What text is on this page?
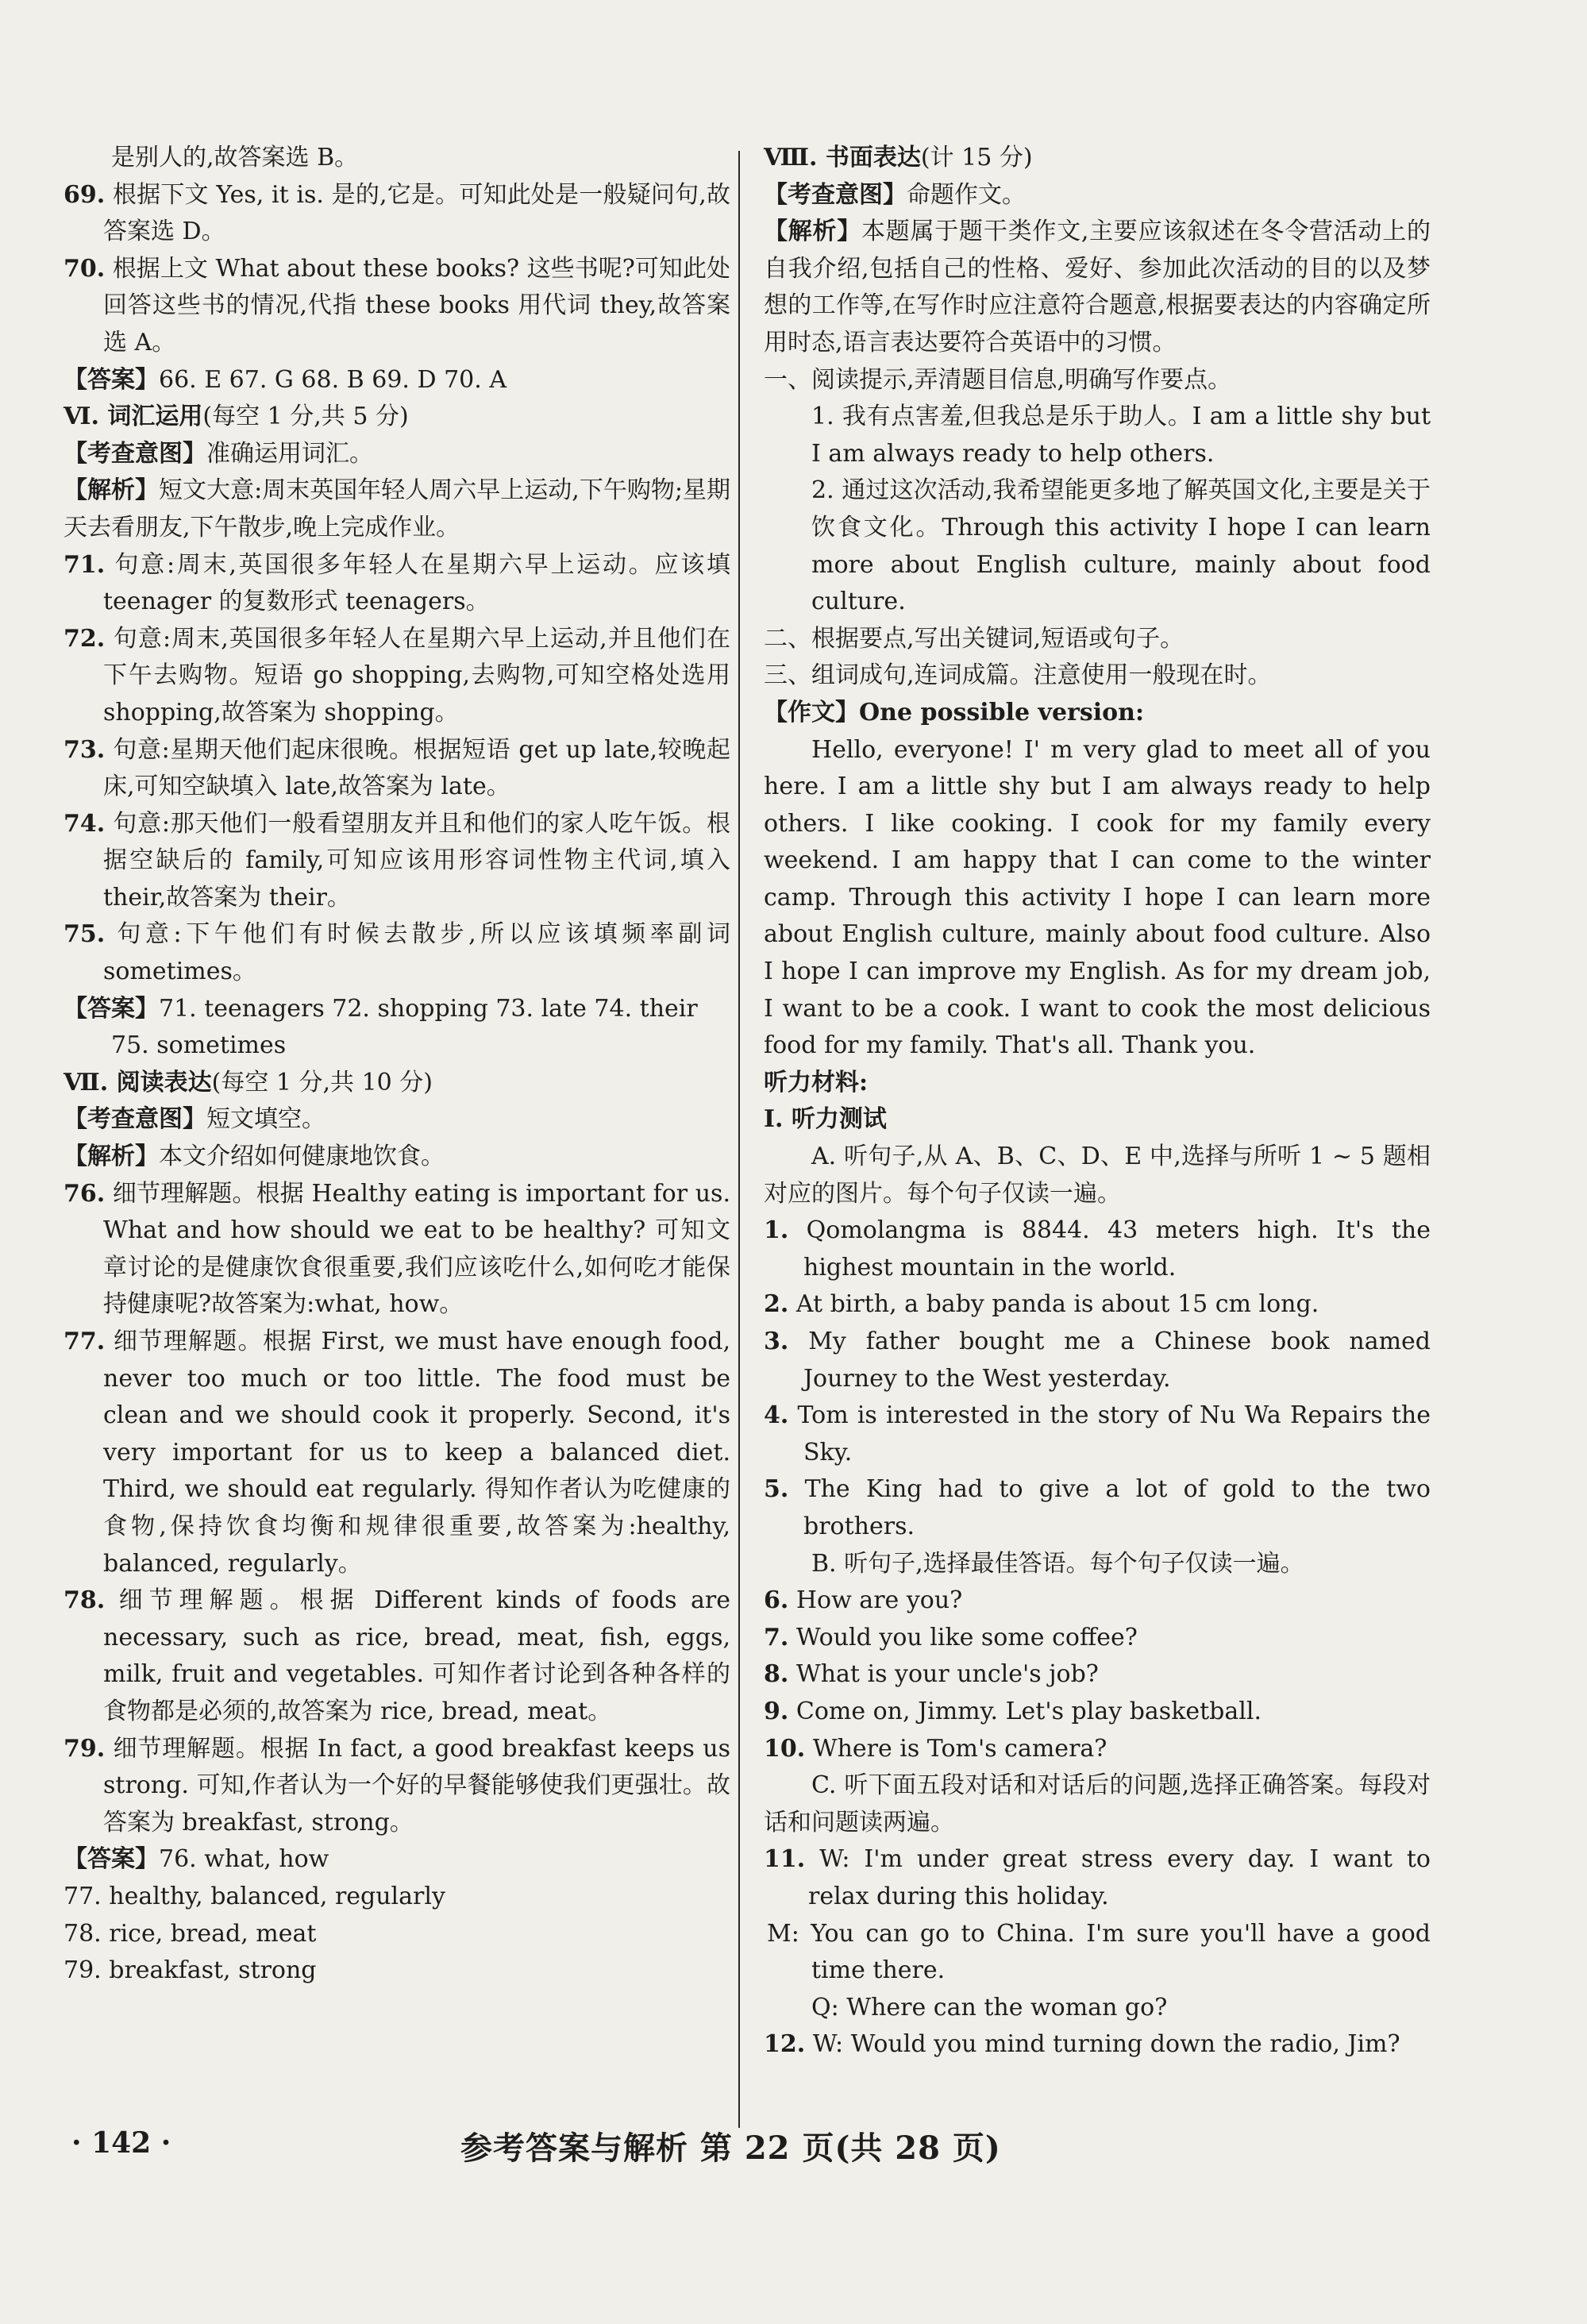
是别人的,故答案选 B。

69. 根据下文 Yes, it is. 是的,它是。可知此处是一般疑问句,故答案选 D。

70. 根据上文 What about these books? 这些书呢?可知此处回答这些书的情况,代指 these books 用代词 they,故答案选 A。

【答案】66. E 67. G 68. B 69. D 70. A

Ⅵ. 词汇运用(每空 1 分,共 5 分)

【考查意图】准确运用词汇。

【解析】短文大意:周末英国年轻人周六早上运动,下午购物;星期天去看朋友,下午散步,晚上完成作业。

71. 句意:周末,英国很多年轻人在星期六早上运动。应该填 teenager 的复数形式 teenagers。

72. 句意:周末,英国很多年轻人在星期六早上运动,并且他们在下午去购物。短语 go shopping,去购物,可知空格处选用 shopping,故答案为 shopping。

73. 句意:星期天他们起床很晚。根据短语 get up late,较晚起床,可知空缺填入 late,故答案为 late。

74. 句意:那天他们一般看望朋友并且和他们的家人吃午饭。根据空缺后的 family,可知应该用形容词性物主代词,填入 their,故答案为 their。

75. 句意:下午他们有时候去散步,所以应该填频率副词 sometimes。

【答案】71. teenagers 72. shopping 73. late 74. their

75. sometimes

Ⅶ. 阅读表达(每空 1 分,共 10 分)

【考查意图】短文填空。

【解析】本文介绍如何健康地饮食。

76. 细节理解题。根据 Healthy eating is important for us. What and how should we eat to be healthy? 可知文章讨论的是健康饮食很重要,我们应该吃什么,如何吃才能保持健康呢?故答案为:what, how。

77. 细节理解题。根据 First, we must have enough food, never too much or too little. The food must be clean and we should cook it properly. Second, it's very important for us to keep a balanced diet. Third, we should eat regularly. 得知作者认为吃健康的食物,保持饮食均衡和规律很重要,故答案为:healthy, balanced, regularly。

78. 细节理解题。根据 Different kinds of foods are necessary, such as rice, bread, meat, fish, eggs, milk, fruit and vegetables. 可知作者讨论到各种各样的食物都是必须的,故答案为 rice, bread, meat。

79. 细节理解题。根据 In fact, a good breakfast keeps us strong. 可知,作者认为一个好的早餐能够使我们更强壮。故答案为 breakfast, strong。

【答案】76. what, how

77. healthy, balanced, regularly

78. rice, bread, meat

79. breakfast, strong

Ⅷ. 书面表达(计 15 分)

【考查意图】命题作文。

【解析】本题属于题干类作文,主要应该叙述在冬令营活动上的自我介绍,包括自己的性格、爱好、参加此次活动的目的以及梦想的工作等,在写作时应注意符合题意,根据要表达的内容确定所用时态,语言表达要符合英语中的习惯。

一、阅读提示,弄清题目信息,明确写作要点。

1. 我有点害羞,但我总是乐于助人。I am a little shy but I am always ready to help others.

2. 通过这次活动,我希望能更多地了解英国文化,主要是关于饮食文化。Through this activity I hope I can learn more about English culture, mainly about food culture.

二、根据要点,写出关键词,短语或句子。

三、组词成句,连词成篇。注意使用一般现在时。

【作文】One possible version:

Hello, everyone! I' m very glad to meet all of you here. I am a little shy but I am always ready to help others. I like cooking. I cook for my family every weekend. I am happy that I can come to the winter camp. Through this activity I hope I can learn more about English culture, mainly about food culture. Also I hope I can improve my English. As for my dream job, I want to be a cook. I want to cook the most delicious food for my family. That's all. Thank you.

听力材料:

Ⅰ. 听力测试

A. 听句子,从 A、B、C、D、E 中,选择与所听 1 ~ 5 题相对应的图片。每个句子仅读一遍。

1. Qomolangma is 8844. 43 meters high. It's the highest mountain in the world.

2. At birth, a baby panda is about 15 cm long.

3. My father bought me a Chinese book named Journey to the West yesterday.

4. Tom is interested in the story of Nu Wa Repairs the Sky.

5. The King had to give a lot of gold to the two brothers.

B. 听句子,选择最佳答语。每个句子仅读一遍。

6. How are you?

7. Would you like some coffee?

8. What is your uncle's job?

9. Come on, Jimmy. Let's play basketball.

10. Where is Tom's camera?

C. 听下面五段对话和对话后的问题,选择正确答案。每段对话和问题读两遍。

11. W: I'm under great stress every day. I want to relax during this holiday.

M: You can go to China. I'm sure you'll have a good time there.

Q: Where can the woman go?

12. W: Would you mind turning down the radio, Jim?

· 142 ·	参考答案与解析 第 22 页(共 28 页)
